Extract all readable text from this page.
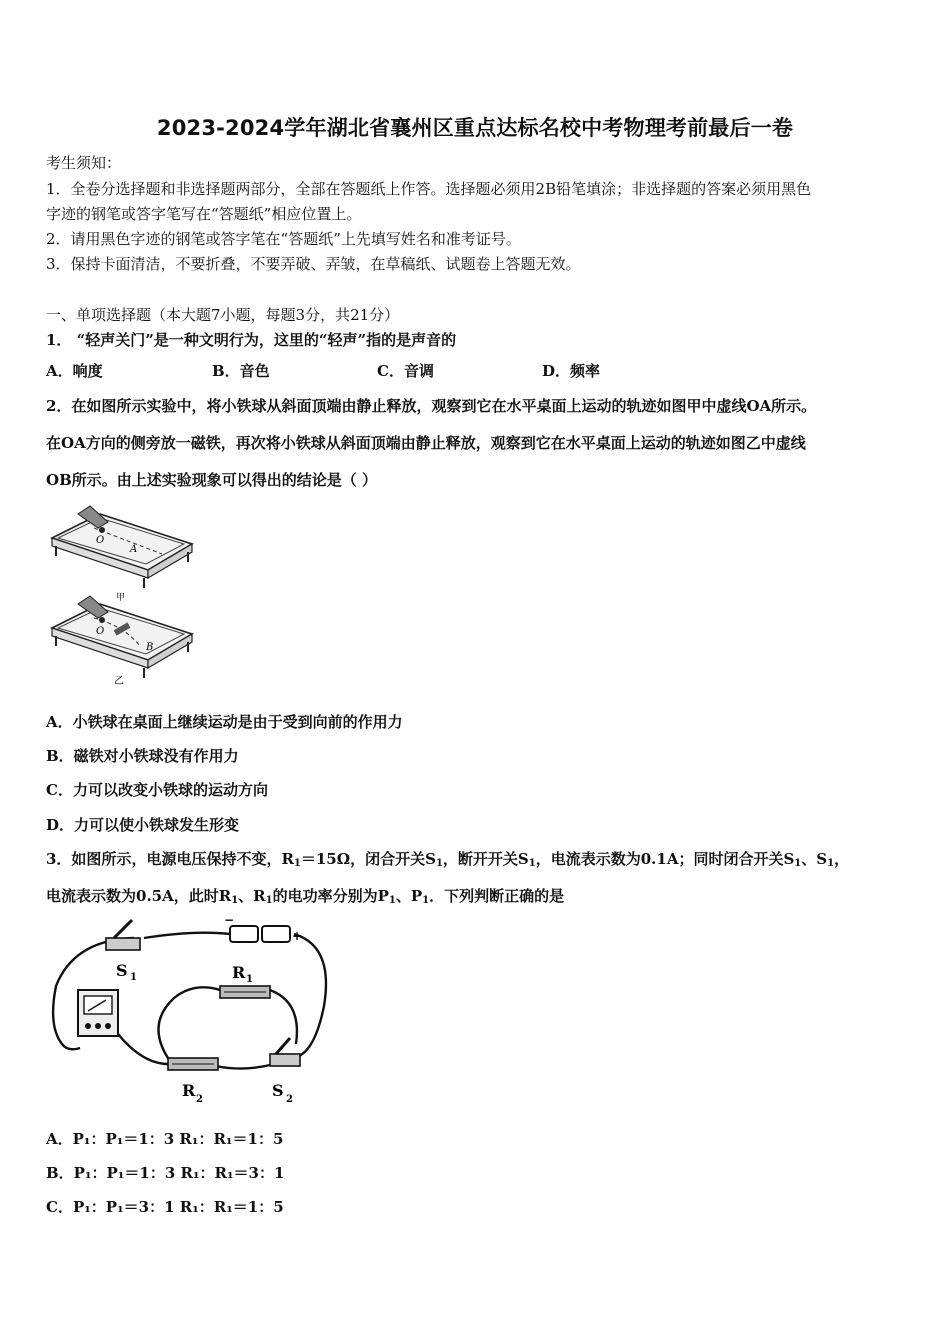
2023-2024学年湖北省襄州区重点达标名校中考物理考前最后一卷
考生须知：
1．全卷分选择题和非选择题两部分，全部在答题纸上作答。选择题必须用2B铅笔填涂；非选择题的答案必须用黑色
字迹的钢笔或答字笔写在“答题纸”相应位置上。
2．请用黑色字迹的钢笔或答字笔在“答题纸”上先填写姓名和准考证号。
3．保持卡面清洁，不要折叠，不要弄破、弄皱，在草稿纸、试题卷上答题无效。
一、单项选择题（本大题7小题，每题3分，共21分）
1． “轻声关门”是一种文明行为，这里的“轻声”指的是声音的
A．响度	B．音色	C．音调	D．频率
2．在如图所示实验中，将小铁球从斜面顶端由静止释放，观察到它在水平桌面上运动的轨迹如图甲中虚线OA所示。
在OA方向的侧旁放一磁铁，再次将小铁球从斜面顶端由静止释放，观察到它在水平桌面上运动的轨迹如图乙中虚线
OB所示。由上述实验现象可以得出的结论是（ ）
O
A
甲
O
B
乙
A．小铁球在桌面上继续运动是由于受到向前的作用力
B．磁铁对小铁球没有作用力
C．力可以改变小铁球的运动方向
D．力可以使小铁球发生形变
3．如图所示，电源电压保持不变，$R_1=15\Omega$，闭合开关$S_1$，断开开关$S_1$，电流表示数为0.1A；同时闭合开关$S_1$、$S_1$，
电流表示数为0.5A，此时$R_1$、$R_1$的电功率分别为$P_1$、$P_1$．下列判断正确的是
+
−
S 1	R 1
R 2	S 2
A．P₁：P₁＝1：3 R₁：R₁＝1：5
B．P₁：P₁＝1：3 R₁：R₁＝3：1
C．P₁：P₁＝3：1 R₁：R₁＝1：5
